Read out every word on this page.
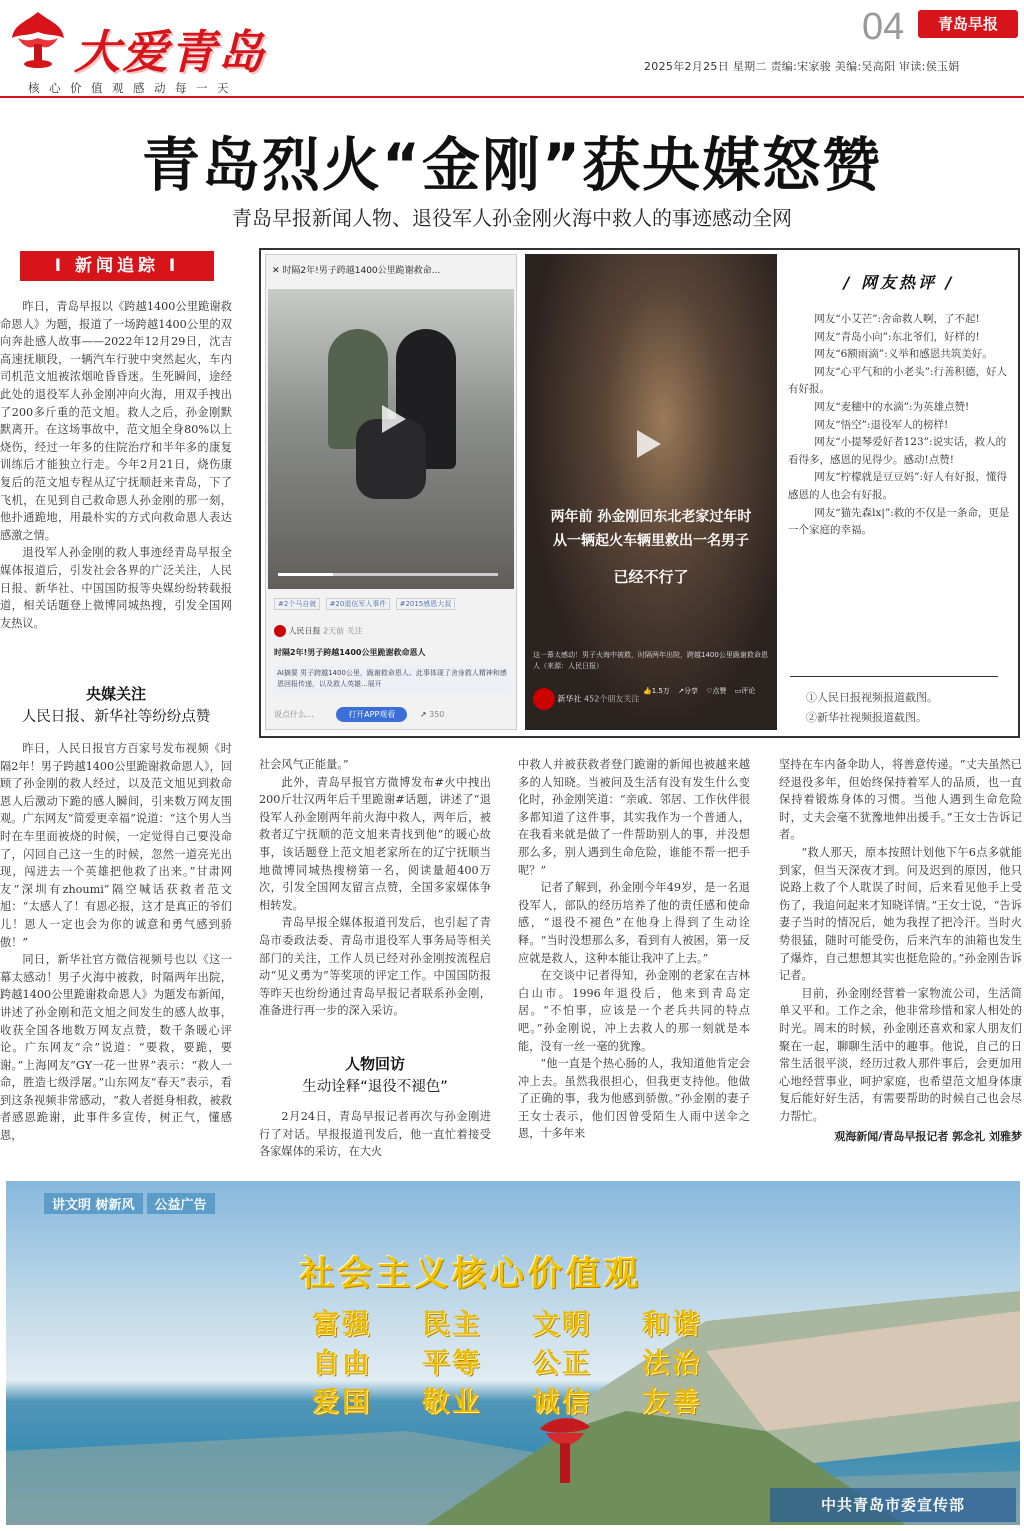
大爱青岛
核心价值观感动每一天
04	青岛早报
2025年2月25日 星期二 责编:宋家骏 美编:吴高阳 审读:侯玉娟
青岛烈火“金刚”获央媒怒赞
青岛早报新闻人物、退役军人孙金刚火海中救人的事迹感动全网
Ⅰ 新闻追踪 Ⅰ

昨日，青岛早报以《跨越1400公里跪谢救命恩人》为题，报道了一场跨越1400公里的双向奔赴感人故事——2022年12月29日，沈吉高速抚顺段，一辆汽车行驶中突然起火，车内司机范文旭被浓烟呛昏昏迷。生死瞬间，途经此处的退役军人孙金刚冲向火海，用双手拽出了200多斤重的范文旭。救人之后，孙金刚默默离开。在这场事故中，范文旭全身80%以上烧伤，经过一年多的住院治疗和半年多的康复训练后才能独立行走。今年2月21日，烧伤康复后的范文旭专程从辽宁抚顺赶来青岛，下了飞机，在见到自己救命恩人孙金刚的那一刻，他扑通跪地，用最朴实的方式向救命恩人表达感激之情。

退役军人孙金刚的救人事迹经青岛早报全媒体报道后，引发社会各界的广泛关注，人民日报、新华社、中国国防报等央媒纷纷转载报道，相关话题登上微博同城热搜，引发全国网友热议。

央媒关注
人民日报、新华社等纷纷点赞

昨日，人民日报官方百家号发布视频《时隔2年！男子跨越1400公里跪谢救命恩人》，回顾了孙金刚的救人经过，以及范文旭见到救命恩人后激动下跪的感人瞬间，引来数万网友围观。广东网友“简爱更幸福”说道：“这个男人当时在车里面被烧的时候，一定觉得自己要没命了，闪回自己这一生的时候，忽然一道亮光出现，闯进去一个英雄把他救了出来。”甘肃网友“深圳有zhoumi”隔空喊话获救者范文旭：“太感人了！有恩必报，这才是真正的爷们儿！恩人一定也会为你的诚意和勇气感到骄傲！”

同日，新华社官方微信视频号也以《这一幕太感动！男子火海中被救，时隔两年出院，跨越1400公里跪谢救命恩人》为题发布新闻，讲述了孙金刚和范文旭之间发生的感人故事，收获全国各地数万网友点赞，数千条暖心评论。广东网友“佘”说道：“要救，要跪，要谢。”上海网友“GY一花一世界”表示：“救人一命，胜造七级浮屠。”山东网友“春天”表示，看到这条视频非常感动，“救人者挺身相救，被救者感恩跪谢，此事件多宣传，树正气，懂感恩，

✕ 时隔2年!男子跨越1400公里跪谢救命...
#2个马自就 #20退伍军人事件 #2015感恩大叔
人民日报 2天前 关注
时隔2年!男子跨越1400公里跪谢救命恩人
AI摘要 男子跨越1400公里，跪谢救命恩人。此事体现了舍身救人精神和感恩回报传递，以及救人英雄...展开
说点什么...	打开APP观看	↗ 350
两年前 孙金刚回东北老家过年时
从一辆起火车辆里救出一名男子
已经不行了
这一幕太感动！男子火海中被救，时隔两年出院，跨越1400公里跪谢救命恩人（来源：人民日报）
新华社 452个朋友关注
👍1.5万 ↗分享 ♡点赞 ▭评论
/ 网友热评 /

网友“小艾芒”:舍命救人啊，了不起!

网友“青岛小向”:东北爷们，好样的!

网友“6额雨滴”:义举和感恩共筑美好。

网友“心平气和的小老头”:行善积德，好人有好报。

网友“麦穗中的水滴”:为英雄点赞!

网友“悟空”:退役军人的榜样!

网友“小提琴爱好者123”:说实话，救人的看得多，感恩的见得少。感动!点赞!

网友“柠檬就是豆豆妈”:好人有好报，懂得感恩的人也会有好报。

网友“猫先森lx|”:救的不仅是一条命，更是一个家庭的幸福。

①人民日报视频报道截图。
②新华社视频报道截图。

社会风气正能量。”

此外，青岛早报官方微博发布#火中拽出200斤壮汉两年后千里跪谢#话题，讲述了“退役军人孙金刚两年前火海中救人，两年后，被救者辽宁抚顺的范文旭来青找到他”的暖心故事，该话题登上范文旭老家所在的辽宁抚顺当地微博同城热搜榜第一名，阅读量超400万次，引发全国网友留言点赞，全国多家媒体争相转发。

青岛早报全媒体报道刊发后，也引起了青岛市委政法委、青岛市退役军人事务局等相关部门的关注，工作人员已经对孙金刚按流程启动“见义勇为”等奖项的评定工作。中国国防报等昨天也纷纷通过青岛早报记者联系孙金刚，准备进行再一步的深入采访。

人物回访
生动诠释“退役不褪色”

2月24日，青岛早报记者再次与孙金刚进行了对话。早报报道刊发后，他一直忙着接受各家媒体的采访，在大火

中救人并被获救者登门跪谢的新闻也被越来越多的人知晓。当被问及生活有没有发生什么变化时，孙金刚笑道：“亲戚、邻居、工作伙伴很多都知道了这件事，其实我作为一个普通人，在我看来就是做了一件帮助别人的事，并没想那么多，别人遇到生命危险，谁能不帮一把手呢？”

记者了解到，孙金刚今年49岁，是一名退役军人，部队的经历培养了他的责任感和使命感，“退役不褪色”在他身上得到了生动诠释。“当时没想那么多，看到有人被困，第一反应就是救人，这种本能让我冲了上去。”

在交谈中记者得知，孙金刚的老家在吉林白山市。1996年退役后，他来到青岛定居。“不怕事，应该是一个老兵共同的特点吧。”孙金刚说，冲上去救人的那一刻就是本能，没有一丝一毫的犹豫。

“他一直是个热心肠的人，我知道他肯定会冲上去。虽然我很担心，但我更支持他。他做了正确的事，我为他感到骄傲。”孙金刚的妻子王女士表示，他们因曾受陌生人雨中送伞之恩，十多年来

坚持在车内备伞助人，将善意传递。“丈夫虽然已经退役多年，但始终保持着军人的品质，也一直保持着锻炼身体的习惯。当他人遇到生命危险时，丈夫会毫不犹豫地伸出援手。”王女士告诉记者。

“救人那天，原本按照计划他下午6点多就能到家，但当天深夜才到。问及迟到的原因，他只说路上救了个人耽误了时间，后来看见他手上受伤了，我追问起来才知晓详情。”王女士说，“告诉妻子当时的情况后，她为我捏了把冷汗。当时火势很猛，随时可能受伤，后来汽车的油箱也发生了爆炸，自己想想其实也挺危险的。”孙金刚告诉记者。

目前，孙金刚经营着一家物流公司，生活简单又平和。工作之余，他非常珍惜和家人相处的时光。周末的时候，孙金刚还喜欢和家人朋友们聚在一起，聊聊生活中的趣事。他说，自己的日常生活很平淡，经历过救人那件事后，会更加用心地经营事业，呵护家庭，也希望范文旭身体康复后能好好生活，有需要帮助的时候自己也会尽力帮忙。

观海新闻/青岛早报记者 郭念礼 刘雅梦
讲文明 树新风 公益广告
社会主义核心价值观
富强 民主 文明 和谐
自由 平等 公正 法治
爱国 敬业 诚信 友善
中共青岛市委宣传部
